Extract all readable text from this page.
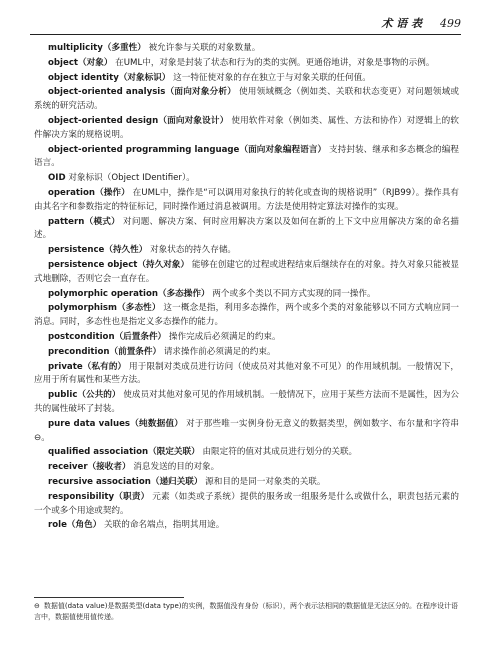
术 语 表 499

multiplicity（多重性） 被允许参与关联的对象数量。

object（对象） 在UML中，对象是封装了状态和行为的类的实例。更通俗地讲，对象是事物的示例。

object identity（对象标识） 这一特征使对象的存在独立于与对象关联的任何值。

object-oriented analysis（面向对象分析） 使用领域概念（例如类、关联和状态变更）对问题领域或系统的研究活动。

object-oriented design（面向对象设计） 使用软件对象（例如类、属性、方法和协作）对逻辑上的软件解决方案的规格说明。

object-oriented programming language（面向对象编程语言） 支持封装、继承和多态概念的编程语言。

OID 对象标识（Object IDentifier）。

operation（操作） 在UML中，操作是“可以调用对象执行的转化或查询的规格说明”（RJB99）。操作具有由其名字和参数指定的特征标记，同时操作通过消息被调用。方法是使用特定算法对操作的实现。

pattern（模式） 对问题、解决方案、何时应用解决方案以及如何在新的上下文中应用解决方案的命名描述。

persistence（持久性） 对象状态的持久存储。

persistence object（持久对象） 能够在创建它的过程或进程结束后继续存在的对象。持久对象只能被显式地删除，否则它会一直存在。

polymorphic operation（多态操作） 两个或多个类以不同方式实现的同一操作。

polymorphism（多态性） 这一概念是指，利用多态操作，两个或多个类的对象能够以不同方式响应同一消息。同时，多态性也是指定义多态操作的能力。

postcondition（后置条件） 操作完成后必须满足的约束。

precondition（前置条件） 请求操作前必须满足的约束。

private（私有的） 用于限制对类成员进行访问（使成员对其他对象不可见）的作用域机制。一般情况下，应用于所有属性和某些方法。

public（公共的） 使成员对其他对象可见的作用域机制。一般情况下，应用于某些方法而不是属性，因为公共的属性破坏了封装。

pure data values（纯数据值） 对于那些唯一实例身份无意义的数据类型，例如数字、布尔量和字符串⊖。

qualified association（限定关联） 由限定符的值对其成员进行划分的关联。

receiver（接收者） 消息发送的目的对象。

recursive association（递归关联） 源和目的是同一对象类的关联。

responsibility（职责） 元素（如类或子系统）提供的服务或一组服务是什么或做什么，职责包括元素的一个或多个用途或契约。

role（角色） 关联的命名端点，指明其用途。

⊖ 数据值(data value)是数据类型(data type)的实例，数据值没有身份（标识），两个表示法相同的数据值是无法区分的。在程序设计语言中，数据值使用值传递。
